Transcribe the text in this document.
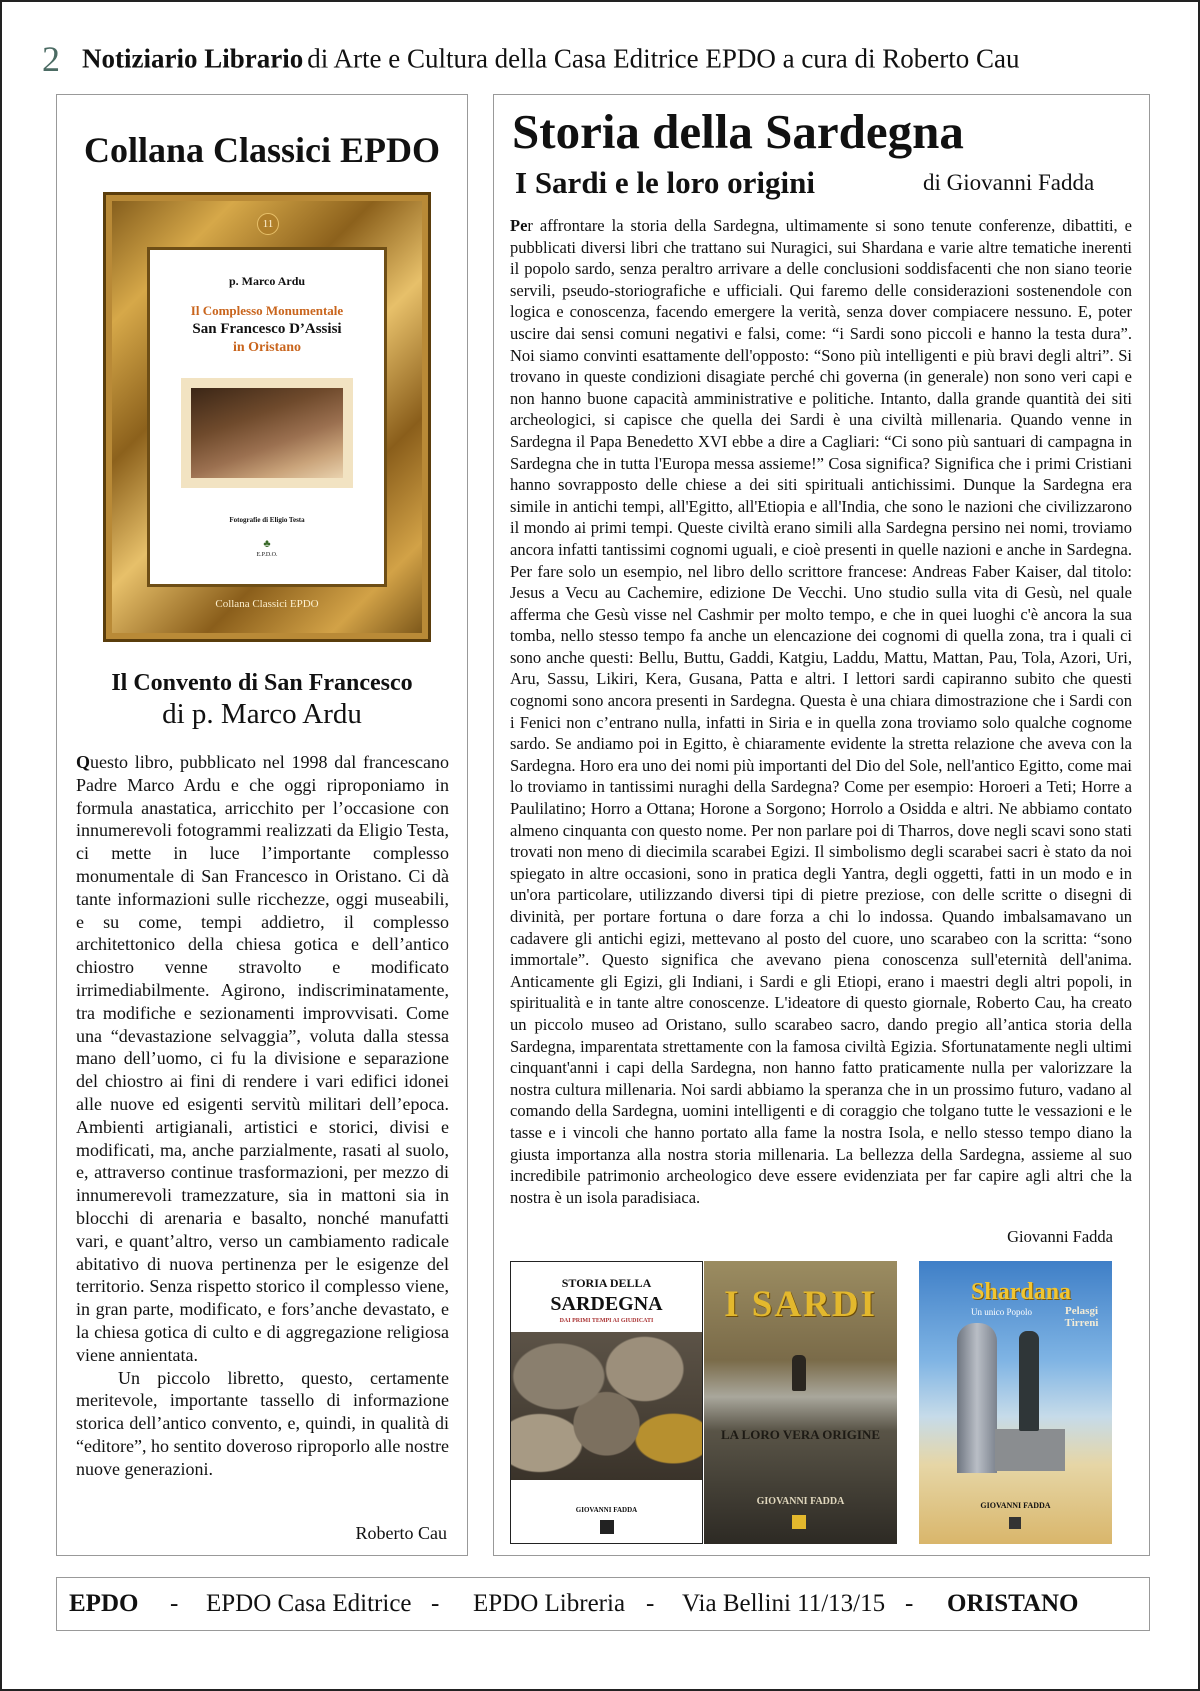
2 Notiziario Librario di Arte e Cultura della Casa Editrice EPDO a cura di Roberto Cau
Collana Classici EPDO
11
p. Marco Ardu
Il Complesso Monumentale
San Francesco D’Assisi
in Oristano
Fotografie di Eligio Testa
♣
E.P.D.O.
Collana Classici EPDO
Il Convento di San Francesco
di p. Marco Ardu

Questo libro, pubblicato nel 1998 dal francescano Padre Marco Ardu e che oggi riproponiamo in formula anastatica, arricchito per l’occasione con innumerevoli fotogrammi realizzati da Eligio Testa, ci mette in luce l’importante complesso monumentale di San Francesco in Oristano. Ci dà tante informazioni sulle ricchezze, oggi museabili, e su come, tempi addietro, il complesso architettonico della chiesa gotica e dell’antico chiostro venne stravolto e modificato irrimediabilmente. Agirono, indiscriminatamente, tra modifiche e sezionamenti improvvisati. Come una “devastazione selvaggia”, voluta dalla stessa mano dell’uomo, ci fu la divisione e separazione del chiostro ai fini di rendere i vari edifici idonei alle nuove ed esigenti servitù militari dell’epoca. Ambienti artigianali, artistici e storici, divisi e modificati, ma, anche parzialmente, rasati al suolo, e, attraverso continue trasformazioni, per mezzo di innumerevoli tramezzature, sia in mattoni sia in blocchi di arenaria e basalto, nonché manufatti vari, e quant’altro, verso un cambiamento radicale abitativo di nuova pertinenza per le esigenze del territorio. Senza rispetto storico il complesso viene, in gran parte, modificato, e fors’anche devastato, e la chiesa gotica di culto e di aggregazione religiosa viene annientata.

Un piccolo libretto, questo, certamente meritevole, importante tassello di informazione storica dell’antico convento, e, quindi, in qualità di “editore”, ho sentito doveroso riproporlo alle nostre nuove generazioni.

Roberto Cau
Storia della Sardegna
I Sardi e le loro origini	di Giovanni Fadda
Per affrontare la storia della Sardegna, ultimamente si sono tenute conferenze, dibattiti, e pubblicati diversi libri che trattano sui Nuragici, sui Shardana e varie altre tematiche inerenti il popolo sardo, senza peraltro arrivare a delle conclusioni soddisfacenti che non siano teorie servili, pseudo-storiografiche e ufficiali. Qui faremo delle considerazioni sostenendole con logica e conoscenza, facendo emergere la verità, senza dover compiacere nessuno. E, poter uscire dai sensi comuni negativi e falsi, come: “i Sardi sono piccoli e hanno la testa dura”. Noi siamo convinti esattamente dell'opposto: “Sono più intelligenti e più bravi degli altri”. Si trovano in queste condizioni disagiate perché chi governa (in generale) non sono veri capi e non hanno buone capacità amministrative e politiche. Intanto, dalla grande quantità dei siti archeologici, si capisce che quella dei Sardi è una civiltà millenaria. Quando venne in Sardegna il Papa Benedetto XVI ebbe a dire a Cagliari: “Ci sono più santuari di campagna in Sardegna che in tutta l'Europa messa assieme!” Cosa significa? Significa che i primi Cristiani hanno sovrapposto delle chiese a dei siti spirituali antichissimi. Dunque la Sardegna era simile in antichi tempi, all'Egitto, all'Etiopia e all'India, che sono le nazioni che civilizzarono il mondo ai primi tempi. Queste civiltà erano simili alla Sardegna persino nei nomi, troviamo ancora infatti tantissimi cognomi uguali, e cioè presenti in quelle nazioni e anche in Sardegna. Per fare solo un esempio, nel libro dello scrittore francese: Andreas Faber Kaiser, dal titolo: Jesus a Vecu au Cachemire, edizione De Vecchi. Uno studio sulla vita di Gesù, nel quale afferma che Gesù visse nel Cashmir per molto tempo, e che in quei luoghi c'è ancora la sua tomba, nello stesso tempo fa anche un elencazione dei cognomi di quella zona, tra i quali ci sono anche questi: Bellu, Buttu, Gaddi, Katgiu, Laddu, Mattu, Mattan, Pau, Tola, Azori, Uri, Aru, Sassu, Likiri, Kera, Gusana, Patta e altri. I lettori sardi capiranno subito che questi cognomi sono ancora presenti in Sardegna. Questa è una chiara dimostrazione che i Sardi con i Fenici non c’entrano nulla, infatti in Siria e in quella zona troviamo solo qualche cognome sardo. Se andiamo poi in Egitto, è chiaramente evidente la stretta relazione che aveva con la Sardegna. Horo era uno dei nomi più importanti del Dio del Sole, nell'antico Egitto, come mai lo troviamo in tantissimi nuraghi della Sardegna? Come per esempio: Horoeri a Teti; Horre a Paulilatino; Horro a Ottana; Horone a Sorgono; Horrolo a Osidda e altri. Ne abbiamo contato almeno cinquanta con questo nome. Per non parlare poi di Tharros, dove negli scavi sono stati trovati non meno di diecimila scarabei Egizi. Il simbolismo degli scarabei sacri è stato da noi spiegato in altre occasioni, sono in pratica degli Yantra, degli oggetti, fatti in un modo e in un'ora particolare, utilizzando diversi tipi di pietre preziose, con delle scritte o disegni di divinità, per portare fortuna o dare forza a chi lo indossa. Quando imbalsamavano un cadavere gli antichi egizi, mettevano al posto del cuore, uno scarabeo con la scritta: “sono immortale”. Questo significa che avevano piena conoscenza sull'eternità dell'anima. Anticamente gli Egizi, gli Indiani, i Sardi e gli Etiopi, erano i maestri degli altri popoli, in spiritualità e in tante altre conoscenze. L'ideatore di questo giornale, Roberto Cau, ha creato un piccolo museo ad Oristano, sullo scarabeo sacro, dando pregio all’antica storia della Sardegna, imparentata strettamente con la famosa civiltà Egizia. Sfortunatamente negli ultimi cinquant'anni i capi della Sardegna, non hanno fatto praticamente nulla per valorizzare la nostra cultura millenaria. Noi sardi abbiamo la speranza che in un prossimo futuro, vadano al comando della Sardegna, uomini intelligenti e di coraggio che tolgano tutte le vessazioni e le tasse e i vincoli che hanno portato alla fame la nostra Isola, e nello stesso tempo diano la giusta importanza alla nostra storia millenaria. La bellezza della Sardegna, assieme al suo incredibile patrimonio archeologico deve essere evidenziata per far capire agli altri che la nostra è un isola paradisiaca.
Giovanni Fadda
STORIA DELLA
SARDEGNA
DAI PRIMI TEMPI AI GIUDICATI
GIOVANNI FADDA
I SARDI
LA LORO VERA ORIGINE
GIOVANNI FADDA
Shardana
Un unico Popolo	Pelasgi Tirreni
GIOVANNI FADDA
EPDO - EPDO Casa Editrice - EPDO Libreria - Via Bellini 11/13/15 - ORISTANO
